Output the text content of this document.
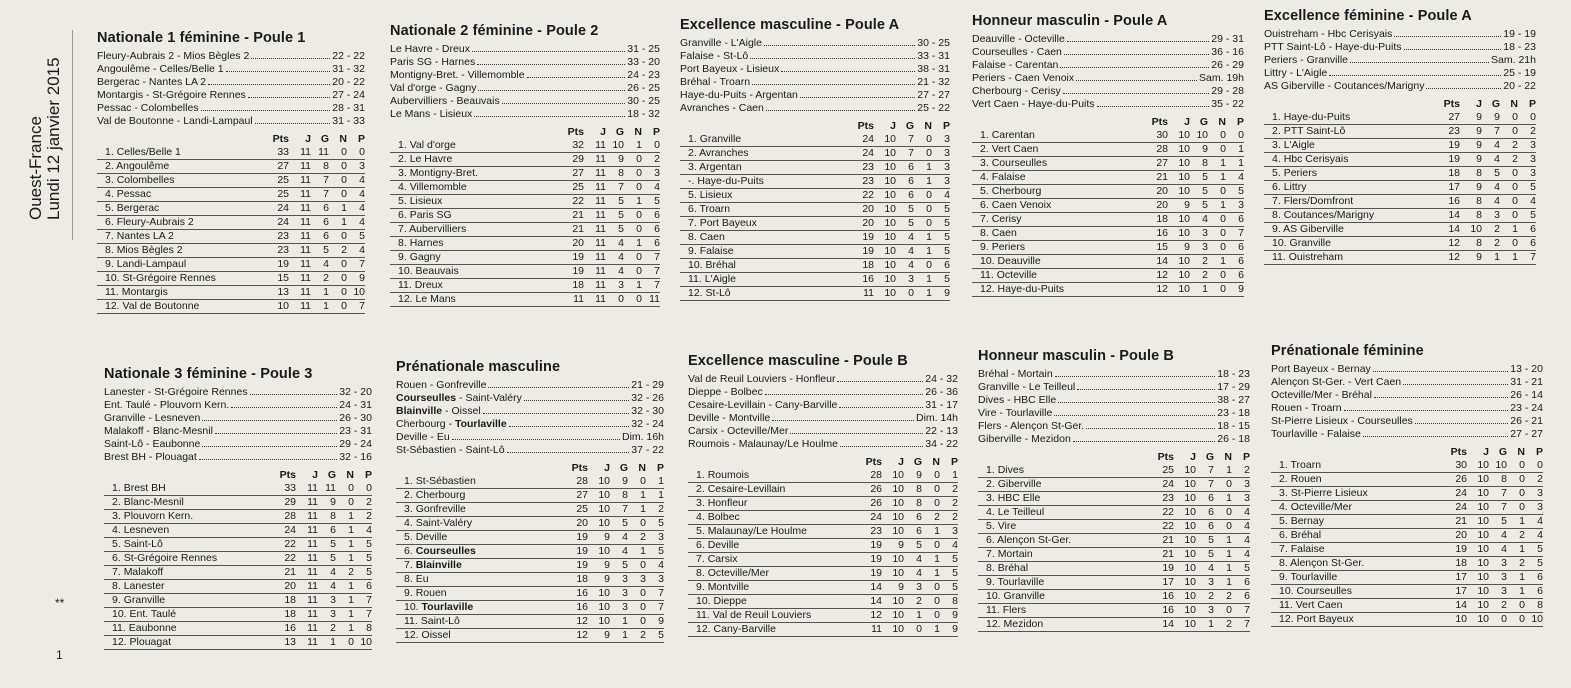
Ouest-France Lundi 12 janvier 2015
**
1
Nationale 1 féminine - Poule 1
Fleury-Aubrais 2 - Mios Bègles 2	22 - 22
Angoulême - Celles/Belle 1	31 - 32
Bergerac - Nantes LA 2	20 - 22
Montargis - St-Grégoire Rennes	27 - 24
Pessac - Colombelles	28 - 31
Val de Boutonne - Landi-Lampaul	31 - 33
	Pts	J	G	N	P
1. Celles/Belle 1	33	11	11	0	0
2. Angoulême	27	11	8	0	3
3. Colombelles	25	11	7	0	4
4. Pessac	25	11	7	0	4
5. Bergerac	24	11	6	1	4
6. Fleury-Aubrais 2	24	11	6	1	4
7. Nantes LA 2	23	11	6	0	5
8. Mios Bègles 2	23	11	5	2	4
9. Landi-Lampaul	19	11	4	0	7
10. St-Grégoire Rennes	15	11	2	0	9
11. Montargis	13	11	1	0	10
12. Val de Boutonne	10	11	1	0	7
Nationale 3 féminine - Poule 3
Lanester - St-Grégoire Rennes	32 - 20
Ent. Taulé - Plouvorn Kern.	24 - 31
Granville - Lesneven	26 - 30
Malakoff - Blanc-Mesnil	23 - 31
Saint-Lô - Eaubonne	29 - 24
Brest BH - Plouagat	32 - 16
	Pts	J	G	N	P
1. Brest BH	33	11	11	0	0
2. Blanc-Mesnil	29	11	9	0	2
3. Plouvorn Kern.	28	11	8	1	2
4. Lesneven	24	11	6	1	4
5. Saint-Lô	22	11	5	1	5
6. St-Grégoire Rennes	22	11	5	1	5
7. Malakoff	21	11	4	2	5
8. Lanester	20	11	4	1	6
9. Granville	18	11	3	1	7
10. Ent. Taulé	18	11	3	1	7
11. Eaubonne	16	11	2	1	8
12. Plouagat	13	11	1	0	10
Nationale 2 féminine - Poule 2
Le Havre - Dreux	31 - 25
Paris SG - Harnes	33 - 20
Montigny-Bret. - Villemomble	24 - 23
Val d'orge - Gagny	26 - 25
Aubervilliers - Beauvais	30 - 25
Le Mans - Lisieux	18 - 32
	Pts	J	G	N	P
1. Val d'orge	32	11	10	1	0
2. Le Havre	29	11	9	0	2
3. Montigny-Bret.	27	11	8	0	3
4. Villemomble	25	11	7	0	4
5. Lisieux	22	11	5	1	5
6. Paris SG	21	11	5	0	6
7. Aubervilliers	21	11	5	0	6
8. Harnes	20	11	4	1	6
9. Gagny	19	11	4	0	7
10. Beauvais	19	11	4	0	7
11. Dreux	18	11	3	1	7
12. Le Mans	11	11	0	0	11
Prénationale masculine
Rouen - Gonfreville	21 - 29
Courseulles - Saint-Valéry	32 - 26
Blainville - Oissel	32 - 30
Cherbourg - Tourlaville	32 - 24
Deville - Eu	Dim. 16h
St-Sébastien - Saint-Lô	37 - 22
	Pts	J	G	N	P
1. St-Sébastien	28	10	9	0	1
2. Cherbourg	27	10	8	1	1
3. Gonfreville	25	10	7	1	2
4. Saint-Valéry	20	10	5	0	5
5. Deville	19	9	4	2	3
6. Courseulles	19	10	4	1	5
7. Blainville	19	9	5	0	4
8. Eu	18	9	3	3	3
9. Rouen	16	10	3	0	7
10. Tourlaville	16	10	3	0	7
11. Saint-Lô	12	10	1	0	9
12. Oissel	12	9	1	2	5
Excellence masculine - Poule A
Granville - L'Aigle	30 - 25
Falaise - St-Lô	33 - 31
Port Bayeux - Lisieux	38 - 31
Bréhal - Troarn	21 - 32
Haye-du-Puits - Argentan	27 - 27
Avranches - Caen	25 - 22
	Pts	J	G	N	P
1. Granville	24	10	7	0	3
2. Avranches	24	10	7	0	3
3. Argentan	23	10	6	1	3
-. Haye-du-Puits	23	10	6	1	3
5. Lisieux	22	10	6	0	4
6. Troarn	20	10	5	0	5
7. Port Bayeux	20	10	5	0	5
8. Caen	19	10	4	1	5
9. Falaise	19	10	4	1	5
10. Bréhal	18	10	4	0	6
11. L'Aigle	16	10	3	1	5
12. St-Lô	11	10	0	1	9
Excellence masculine - Poule B
Val de Reuil Louviers - Honfleur	24 - 32
Dieppe - Bolbec	26 - 36
Cesaire-Levillain - Cany-Barville	31 - 17
Deville - Montville	Dim. 14h
Carsix - Octeville/Mer	22 - 13
Roumois - Malaunay/Le Houlme	34 - 22
	Pts	J	G	N	P
1. Roumois	28	10	9	0	1
2. Cesaire-Levillain	26	10	8	0	2
3. Honfleur	26	10	8	0	2
4. Bolbec	24	10	6	2	2
5. Malaunay/Le Houlme	23	10	6	1	3
6. Deville	19	9	5	0	4
7. Carsix	19	10	4	1	5
8. Octeville/Mer	19	10	4	1	5
9. Montville	14	9	3	0	5
10. Dieppe	14	10	2	0	8
11. Val de Reuil Louviers	12	10	1	0	9
12. Cany-Barville	11	10	0	1	9
Honneur masculin - Poule A
Deauville - Octeville	29 - 31
Courseulles - Caen	36 - 16
Falaise - Carentan	26 - 29
Periers - Caen Venoix	Sam. 19h
Cherbourg - Cerisy	29 - 28
Vert Caen - Haye-du-Puits	35 - 22
	Pts	J	G	N	P
1. Carentan	30	10	10	0	0
2. Vert Caen	28	10	9	0	1
3. Courseulles	27	10	8	1	1
4. Falaise	21	10	5	1	4
5. Cherbourg	20	10	5	0	5
6. Caen Venoix	20	9	5	1	3
7. Cerisy	18	10	4	0	6
8. Caen	16	10	3	0	7
9. Periers	15	9	3	0	6
10. Deauville	14	10	2	1	6
11. Octeville	12	10	2	0	6
12. Haye-du-Puits	12	10	1	0	9
Honneur masculin - Poule B
Bréhal - Mortain	18 - 23
Granville - Le Teilleul	17 - 29
Dives - HBC Elle	38 - 27
Vire - Tourlaville	23 - 18
Flers - Alençon St-Ger.	18 - 15
Giberville - Mezidon	26 - 18
	Pts	J	G	N	P
1. Dives	25	10	7	1	2
2. Giberville	24	10	7	0	3
3. HBC Elle	23	10	6	1	3
4. Le Teilleul	22	10	6	0	4
5. Vire	22	10	6	0	4
6. Alençon St-Ger.	21	10	5	1	4
7. Mortain	21	10	5	1	4
8. Bréhal	19	10	4	1	5
9. Tourlaville	17	10	3	1	6
10. Granville	16	10	2	2	6
11. Flers	16	10	3	0	7
12. Mezidon	14	10	1	2	7
Excellence féminine - Poule A
Ouistreham - Hbc Cerisyais	19 - 19
PTT Saint-Lô - Haye-du-Puits	18 - 23
Periers - Granville	Sam. 21h
Littry - L'Aigle	25 - 19
AS Giberville - Coutances/Marigny	20 - 22
	Pts	J	G	N	P
1. Haye-du-Puits	27	9	9	0	0
2. PTT Saint-Lô	23	9	7	0	2
3. L'Aigle	19	9	4	2	3
4. Hbc Cerisyais	19	9	4	2	3
5. Periers	18	8	5	0	3
6. Littry	17	9	4	0	5
7. Flers/Domfront	16	8	4	0	4
8. Coutances/Marigny	14	8	3	0	5
9. AS Giberville	14	10	2	1	6
10. Granville	12	8	2	0	6
11. Ouistreham	12	9	1	1	7
Prénationale féminine
Port Bayeux - Bernay	13 - 20
Alençon St-Ger. - Vert Caen	31 - 21
Octeville/Mer - Bréhal	26 - 14
Rouen - Troarn	23 - 24
St-Pierre Lisieux - Courseulles	26 - 21
Tourlaville - Falaise	27 - 27
	Pts	J	G	N	P
1. Troarn	30	10	10	0	0
2. Rouen	26	10	8	0	2
3. St-Pierre Lisieux	24	10	7	0	3
4. Octeville/Mer	24	10	7	0	3
5. Bernay	21	10	5	1	4
6. Bréhal	20	10	4	2	4
7. Falaise	19	10	4	1	5
8. Alençon St-Ger.	18	10	3	2	5
9. Tourlaville	17	10	3	1	6
10. Courseulles	17	10	3	1	6
11. Vert Caen	14	10	2	0	8
12. Port Bayeux	10	10	0	0	10
